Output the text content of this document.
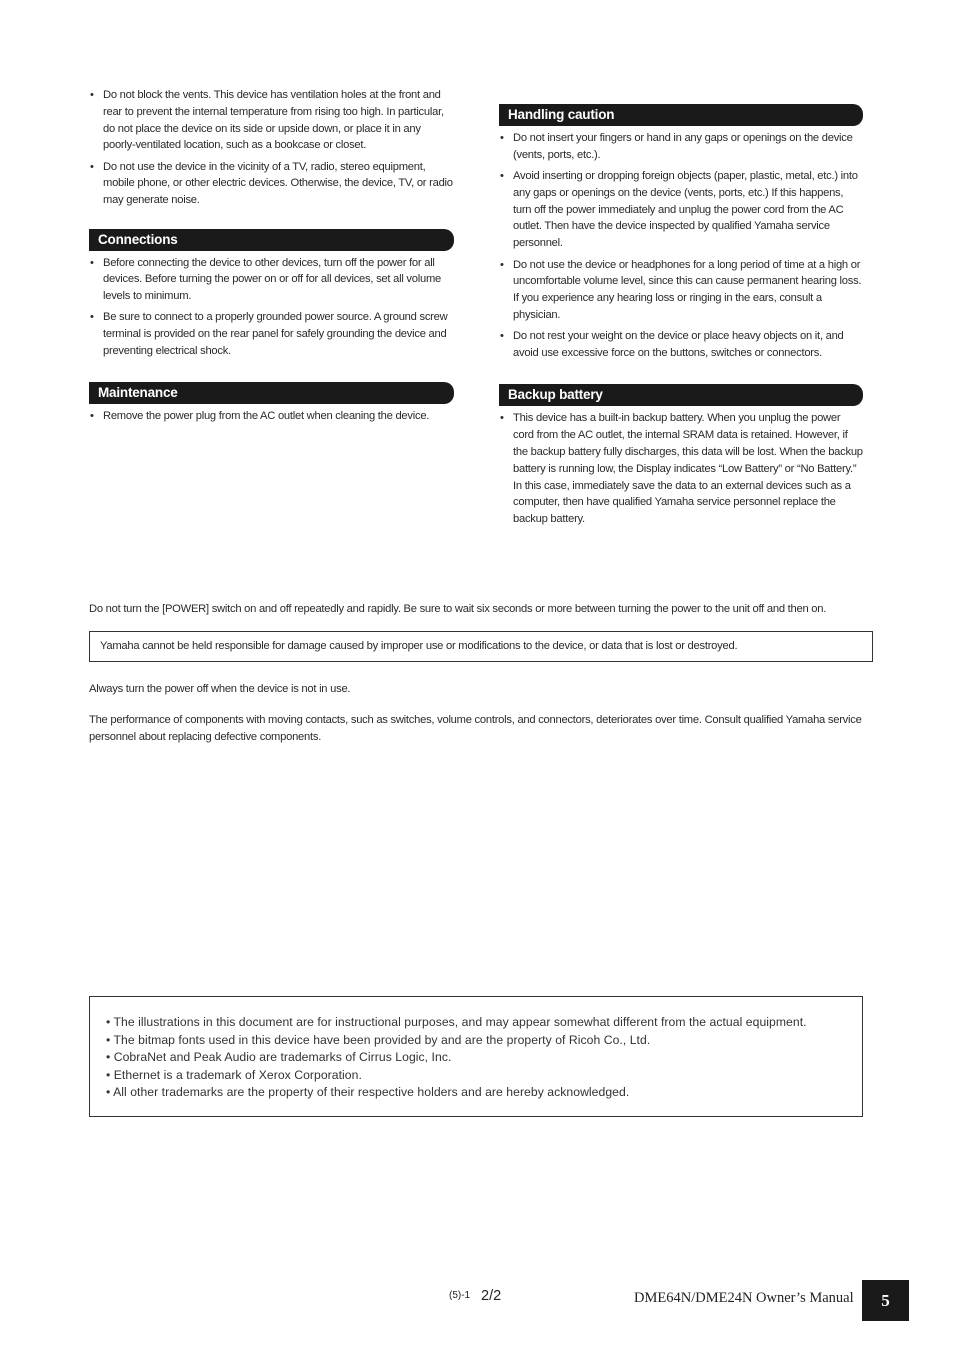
• Do not block the vents. This device has ventilation holes at the front and rear to prevent the internal temperature from rising too high. In particular, do not place the device on its side or upside down, or place it in any poorly-ventilated location, such as a bookcase or closet.
• Do not use the device in the vicinity of a TV, radio, stereo equipment, mobile phone, or other electric devices. Otherwise, the device, TV, or radio may generate noise.
Connections
• Before connecting the device to other devices, turn off the power for all devices. Before turning the power on or off for all devices, set all volume levels to minimum.
• Be sure to connect to a properly grounded power source. A ground screw terminal is provided on the rear panel for safely grounding the device and preventing electrical shock.
Maintenance
• Remove the power plug from the AC outlet when cleaning the device.
Handling caution
• Do not insert your fingers or hand in any gaps or openings on the device (vents, ports, etc.).
• Avoid inserting or dropping foreign objects (paper, plastic, metal, etc.) into any gaps or openings on the device (vents, ports, etc.) If this happens, turn off the power immediately and unplug the power cord from the AC outlet. Then have the device inspected by qualified Yamaha service personnel.
• Do not use the device or headphones for a long period of time at a high or uncomfortable volume level, since this can cause permanent hearing loss. If you experience any hearing loss or ringing in the ears, consult a physician.
• Do not rest your weight on the device or place heavy objects on it, and avoid use excessive force on the buttons, switches or connectors.
Backup battery
• This device has a built-in backup battery. When you unplug the power cord from the AC outlet, the internal SRAM data is retained. However, if the backup battery fully discharges, this data will be lost. When the backup battery is running low, the Display indicates “Low Battery” or “No Battery.” In this case, immediately save the data to an external devices such as a computer, then have qualified Yamaha service personnel replace the backup battery.
Do not turn the [POWER] switch on and off repeatedly and rapidly. Be sure to wait six seconds or more between turning the power to the unit off and then on.
Yamaha cannot be held responsible for damage caused by improper use or modifications to the device, or data that is lost or destroyed.
Always turn the power off when the device is not in use.
The performance of components with moving contacts, such as switches, volume controls, and connectors, deteriorates over time. Consult qualified Yamaha service personnel about replacing defective components.
• The illustrations in this document are for instructional purposes, and may appear somewhat different from the actual equipment.
• The bitmap fonts used in this device have been provided by and are the property of Ricoh Co., Ltd.
• CobraNet and Peak Audio are trademarks of Cirrus Logic, Inc.
• Ethernet is a trademark of Xerox Corporation.
• All other trademarks are the property of their respective holders and are hereby acknowledged.
(5)-1 2/2	DME64N/DME24N Owner’s Manual	5
